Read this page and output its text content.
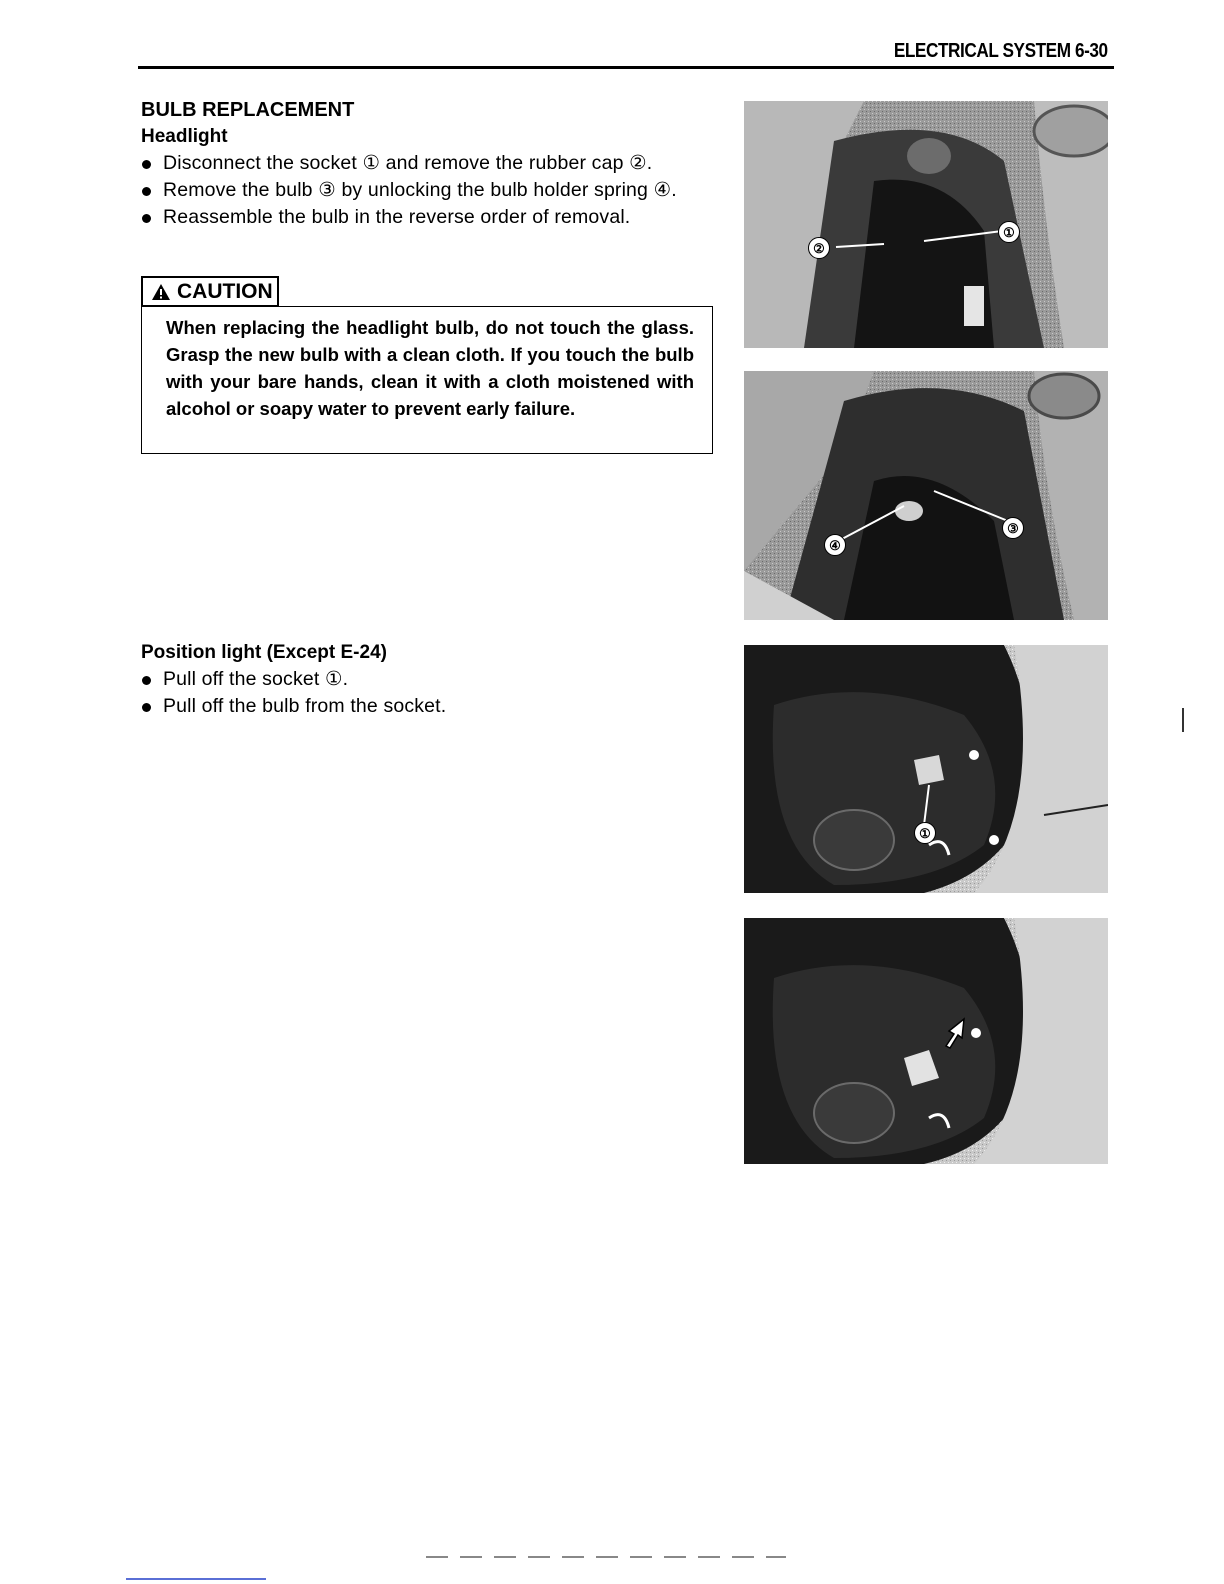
ELECTRICAL SYSTEM 6-30
BULB REPLACEMENT
Headlight
Disconnect the socket ① and remove the rubber cap ②.
Remove the bulb ③ by unlocking the bulb holder spring ④.
Reassemble the bulb in the reverse order of removal.
CAUTION
When replacing the headlight bulb, do not touch the glass. Grasp the new bulb with a clean cloth. If you touch the bulb with your bare hands, clean it with a cloth moistened with alcohol or soapy water to prevent early failure.
Position light (Except E-24)
Pull off the socket ①.
Pull off the bulb from the socket.
②
①
④
③
①
